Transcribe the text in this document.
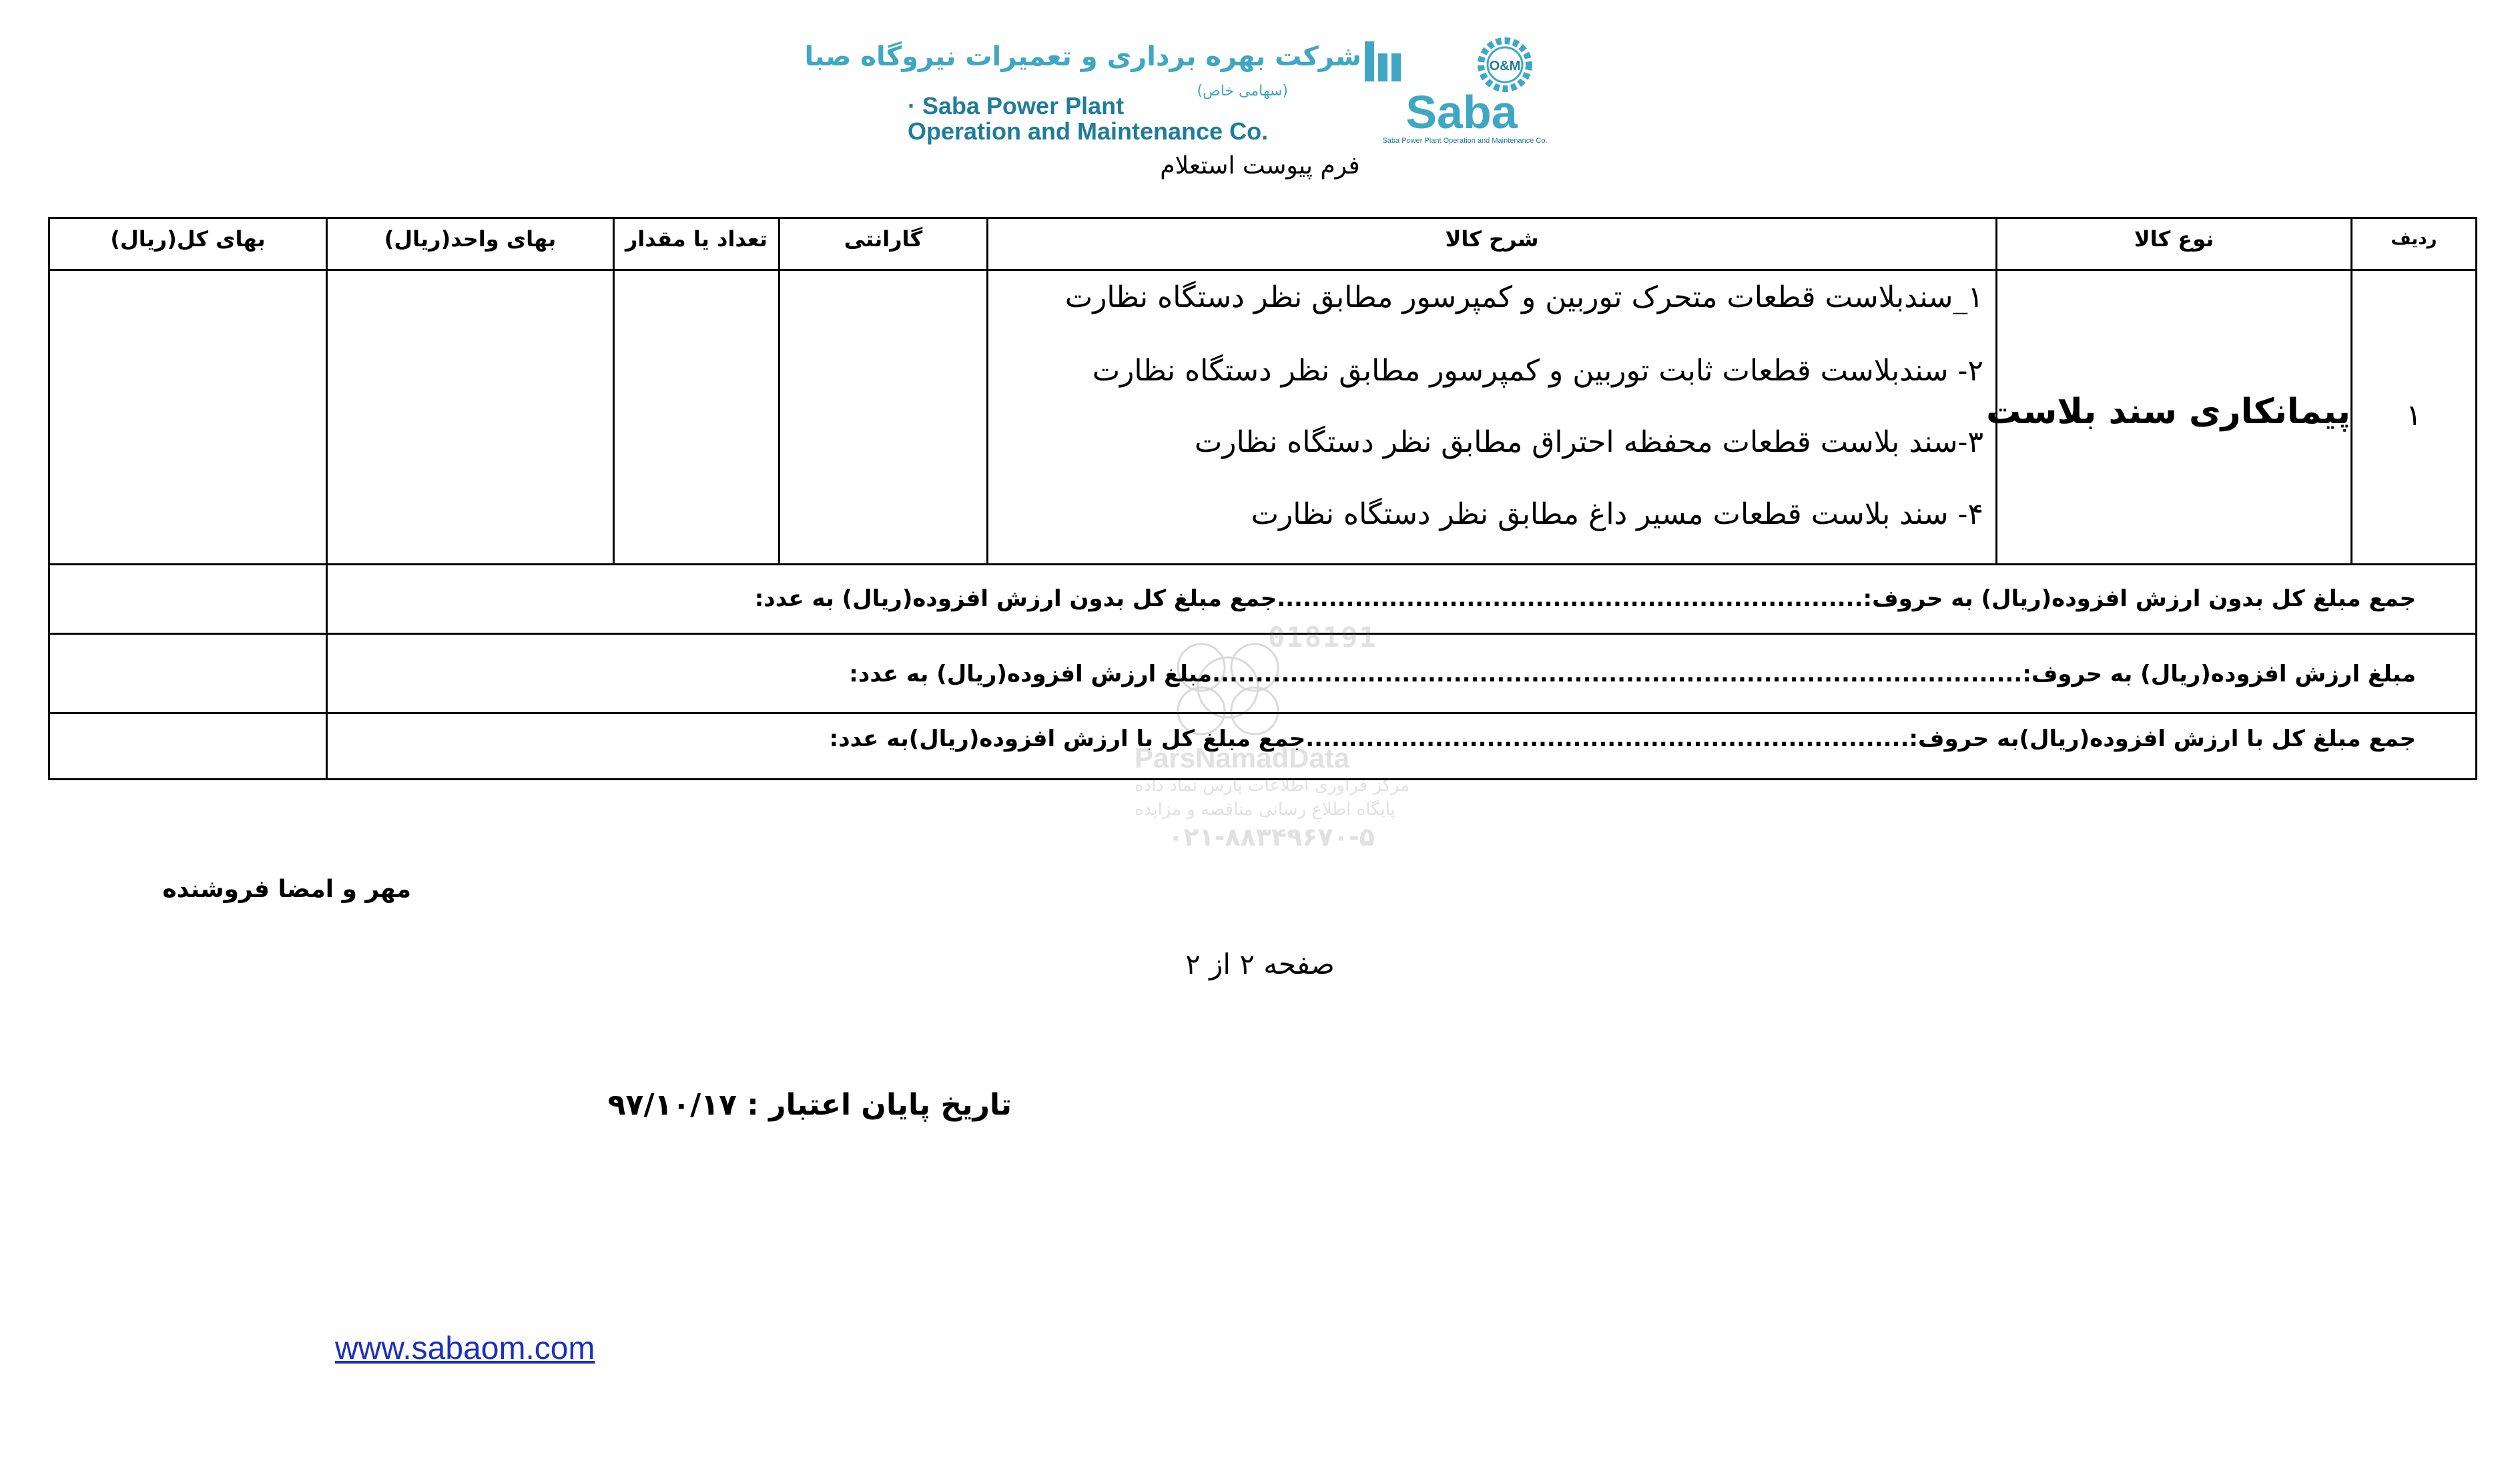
شرکت بهره برداری و تعمیرات نیروگاه صبا
(سهامی خاص)
· Saba Power Plant
Operation and Maintenance Co.
O&M
Saba
Saba Power Plant Operation and Maintenance Co.
فرم پیوست استعلام
ردیف
نوع کالا
شرح کالا
گارانتی
تعداد یا مقدار
بهای واحد(ریال)
بهای کل(ریال)
۱
پیمانکاری سند بلاست
۱_سندبلاست قطعات متحرک توربین و کمپرسور مطابق نظر دستگاه نظارت
۲- سندبلاست قطعات ثابت توربین و کمپرسور مطابق نظر دستگاه نظارت
۳-سند بلاست قطعات محفظه احتراق مطابق نظر دستگاه نظارت
۴- سند بلاست قطعات مسیر داغ مطابق نظر دستگاه نظارت
جمع مبلغ کل بدون ارزش افزوده(ریال) به حروف:....................................................................جمع مبلغ کل بدون ارزش افزوده(ریال) به عدد:
مبلغ ارزش افزوده(ریال) به حروف:..............................................................................................مبلغ ارزش افزوده(ریال) به عدد:
جمع مبلغ کل با ارزش افزوده(ریال)به حروف:......................................................................جمع مبلغ کل با ارزش افزوده(ریال)به عدد:
018191
ParsNamadData
مرکز فراوری اطلاعات پارس نماد داده
پایگاه اطلاع رسانی مناقصه و مزایده
۰۲۱-۸۸۳۴۹۶۷۰-۵
مهر و امضا فروشنده
صفحه ۲ از ۲
تاریخ پایان اعتبار : ۹۷/۱۰/۱۷
www.sabaom.com
